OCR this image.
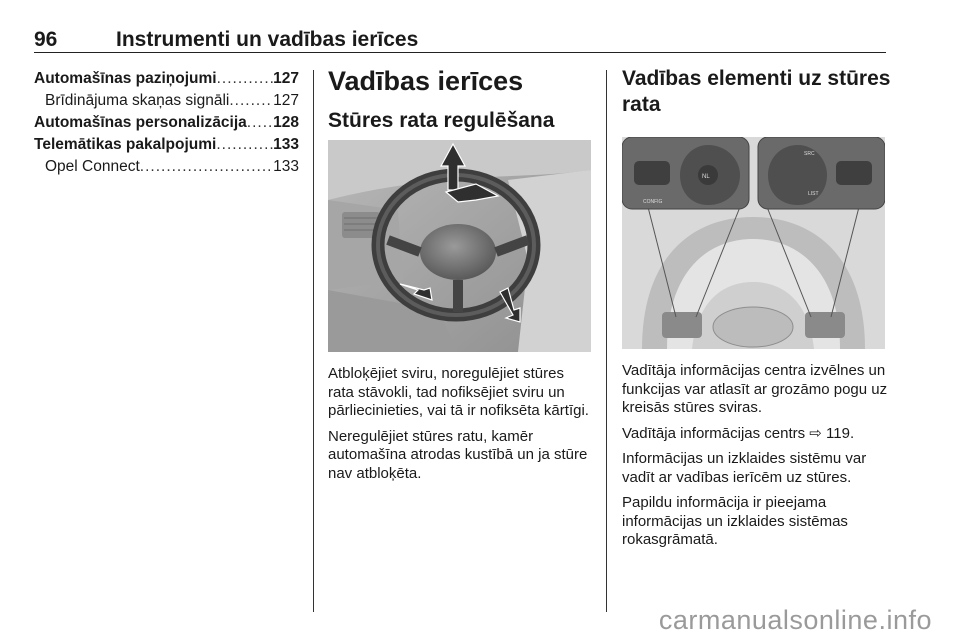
96	Instrumenti un vadības ierīces
Automašīnas paziņojumi .....	127
Brīdinājuma skaņas signāli .....	127
Automašīnas personalizācija ..... 128
Telemātikas pakalpojumi .....	133
Opel Connect .....	133
Vadības ierīces
Stūres rata regulēšana

Atbloķējiet sviru, noregulējiet stūres rata stāvokli, tad nofiksējiet sviru un pārliecinieties, vai tā ir nofiksēta kārtīgi.

Neregulējiet stūres ratu, kamēr automašīna atrodas kustībā un ja stūre nav atbloķēta.

Vadības elementi uz stūres rata
CONFIG
NL
SRC
LIST

Vadītāja informācijas centra izvēlnes un funkcijas var atlasīt ar grozāmo pogu uz kreisās stūres sviras.

Vadītāja informācijas centrs ⇨ 119.

Informācijas un izklaides sistēmu var vadīt ar vadības ierīcēm uz stūres.

Papildu informācija ir pieejama informācijas un izklaides sistēmas rokasgrāmatā.

carmanualsonline.info
